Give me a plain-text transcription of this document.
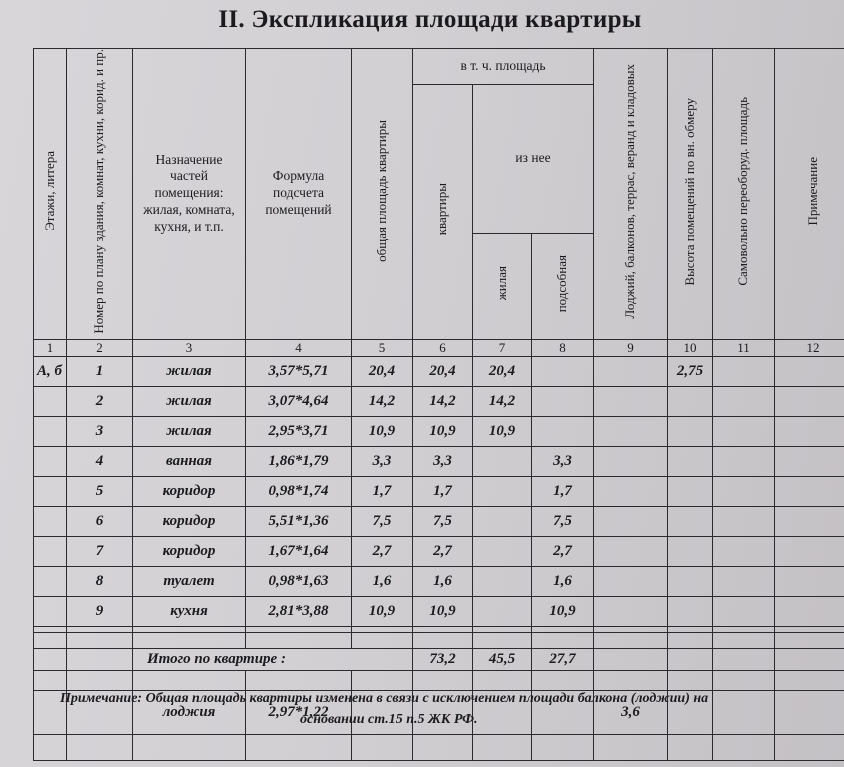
II. Экспликация площади квартиры
Этажи, литера	Номер по плану здания, комнат, кухни, корид. и пр.	Назначение частей помещения: жилая, комната, кухня, и т.п.	Формула подсчета помещений	общая площадь квартиры	в т. ч. площадь			Лоджий, балконов, террас, веранд и кладовых	Высота помещений по вн. обмеру	Самовольно переоборуд. площадь	Примечание
					квартиры	из нее					
						жилая	подсобная				
1	2	3	4	5	6	7	8	9	10	11	12
А, б	1	жилая	3,57*5,71	20,4	20,4	20,4			2,75		
	2	жилая	3,07*4,64	14,2	14,2	14,2					
	3	жилая	2,95*3,71	10,9	10,9	10,9					
	4	ванная	1,86*1,79	3,3	3,3		3,3				
	5	коридор	0,98*1,74	1,7	1,7		1,7				
	6	коридор	5,51*1,36	7,5	7,5		7,5				
	7	коридор	1,67*1,64	2,7	2,7		2,7				
	8	туалет	0,98*1,63	1,6	1,6		1,6				
	9	кухня	2,81*3,88	10,9	10,9		10,9				

		Итого по квартире :			73,2	45,5	27,7				

		лоджия	2,97*1,22					3,6			

Примечание: Общая площадь квартиры изменена в связи с исключением площади балкона (лоджии) на
основании ст.15 п.5 ЖК РФ.
